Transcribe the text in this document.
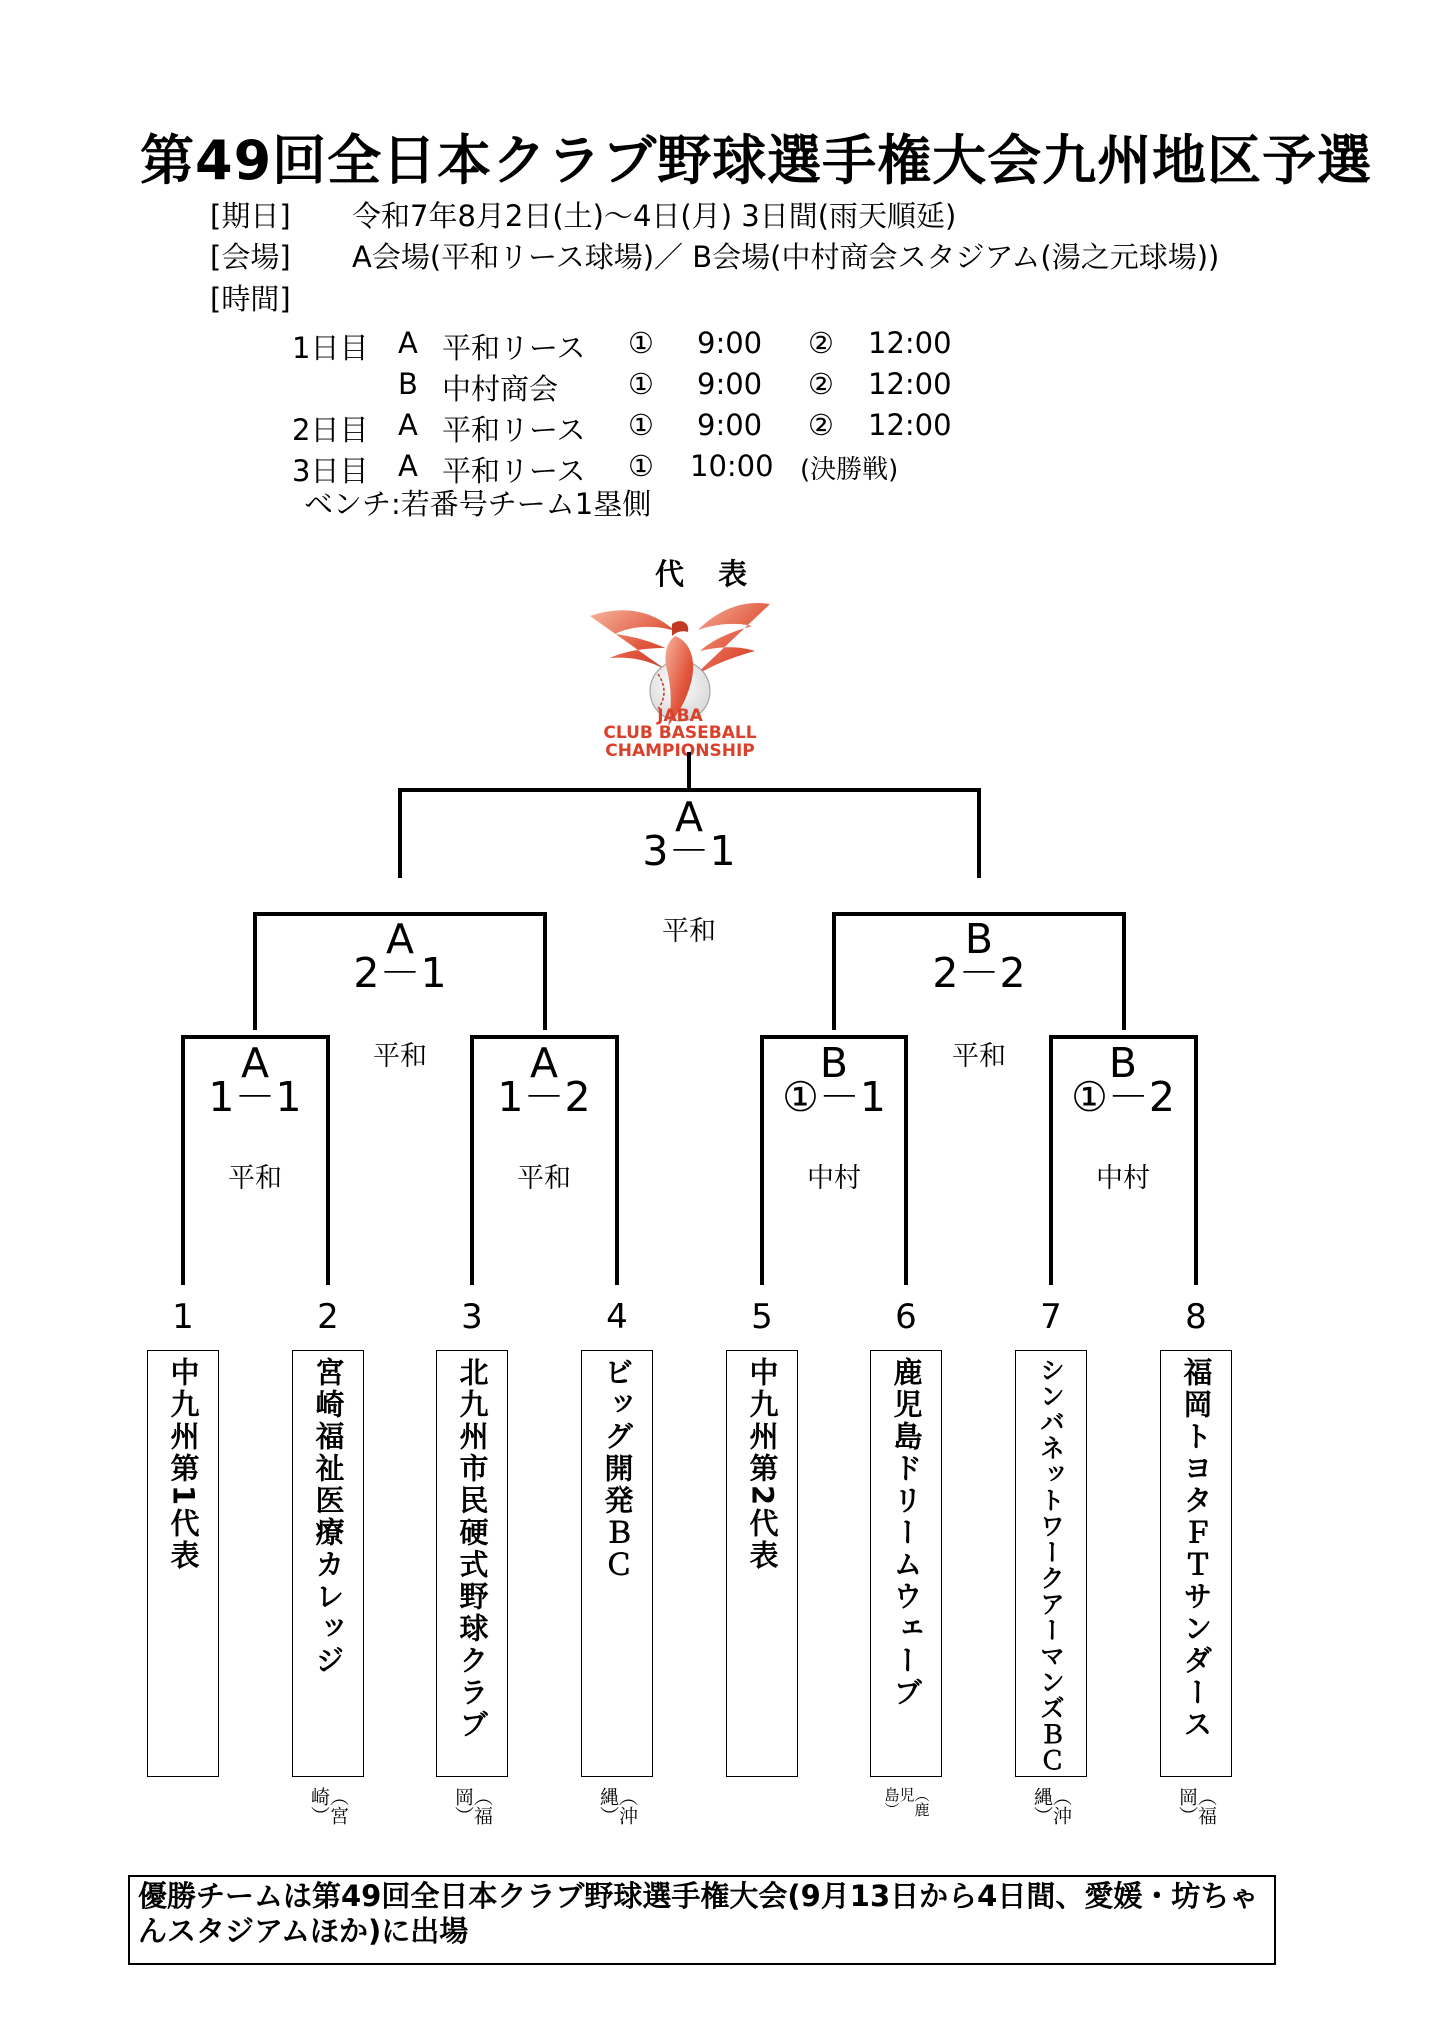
第49回全日本クラブ野球選手権大会九州地区予選
[期日] 令和7年8月2日(土)～4日(月) 3日間(雨天順延)
[会場] A会場(平和リース球場)／ B会場(中村商会スタジアム(湯之元球場))
[時間]
1日目 A 平和リース ① 9:00 ② 12:00
B 中村商会 ① 9:00 ② 12:00
2日目 A 平和リース ① 9:00 ② 12:00
3日目 A 平和リース ① 10:00 (決勝戦)
ベンチ:若番号チーム1塁側
代 表
JABA
CLUB BASEBALL
CHAMPIONSHIP
A
3－1
平和
A
2－1
平和
B
2－2
平和
A
1－1
平和
A
1－2
平和
B
①－1
中村
B
①－2
中村
1	2	3	4	5	6	7	8
中九州第1代表	宮崎福祉医療カレッジ	北九州市民硬式野球クラブ	ビッグ開発ＢＣ	中九州第2代表	鹿児島ドリームウェーブ	シンバネットワークアーマンズＢＣ	福岡トヨタＦＴサンダース
（宮崎）	（福岡）	（沖縄）	（鹿児島）	（沖縄）	（福岡）
優勝チームは第49回全日本クラブ野球選手権大会(9月13日から4日間、愛媛・坊ちゃんスタジアムほか)に出場
